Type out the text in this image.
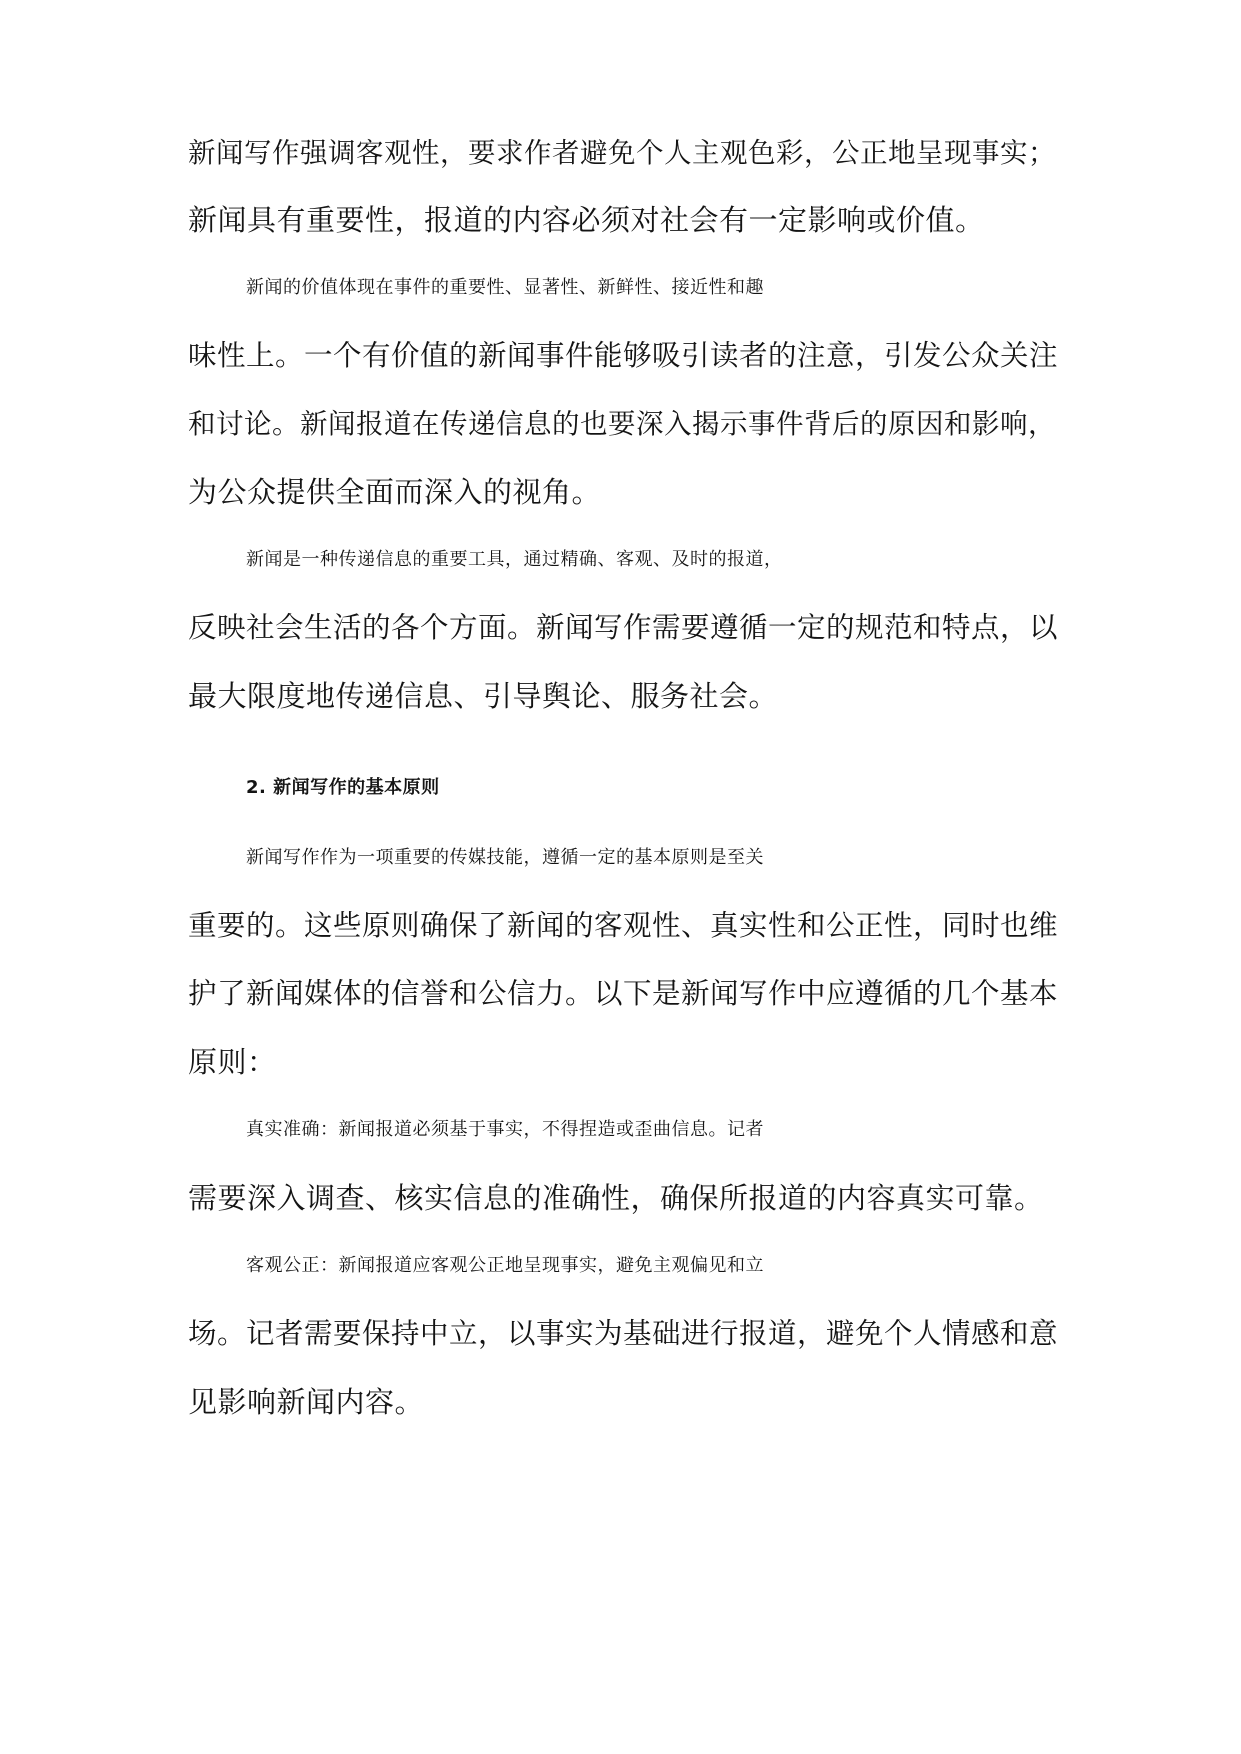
新闻写作强调客观性，要求作者避免个人主观色彩，公正地呈现事实；
新闻具有重要性，报道的内容必须对社会有一定影响或价值。
新闻的价值体现在事件的重要性、显著性、新鲜性、接近性和趣
味性上。一个有价值的新闻事件能够吸引读者的注意，引发公众关注
和讨论。新闻报道在传递信息的也要深入揭示事件背后的原因和影响，
为公众提供全面而深入的视角。
新闻是一种传递信息的重要工具，通过精确、客观、及时的报道，
反映社会生活的各个方面。新闻写作需要遵循一定的规范和特点，以
最大限度地传递信息、引导舆论、服务社会。
2. 新闻写作的基本原则
新闻写作作为一项重要的传媒技能，遵循一定的基本原则是至关
重要的。这些原则确保了新闻的客观性、真实性和公正性，同时也维
护了新闻媒体的信誉和公信力。以下是新闻写作中应遵循的几个基本
原则：
真实准确：新闻报道必须基于事实，不得捏造或歪曲信息。记者
需要深入调查、核实信息的准确性，确保所报道的内容真实可靠。
客观公正：新闻报道应客观公正地呈现事实，避免主观偏见和立
场。记者需要保持中立，以事实为基础进行报道，避免个人情感和意
见影响新闻内容。
